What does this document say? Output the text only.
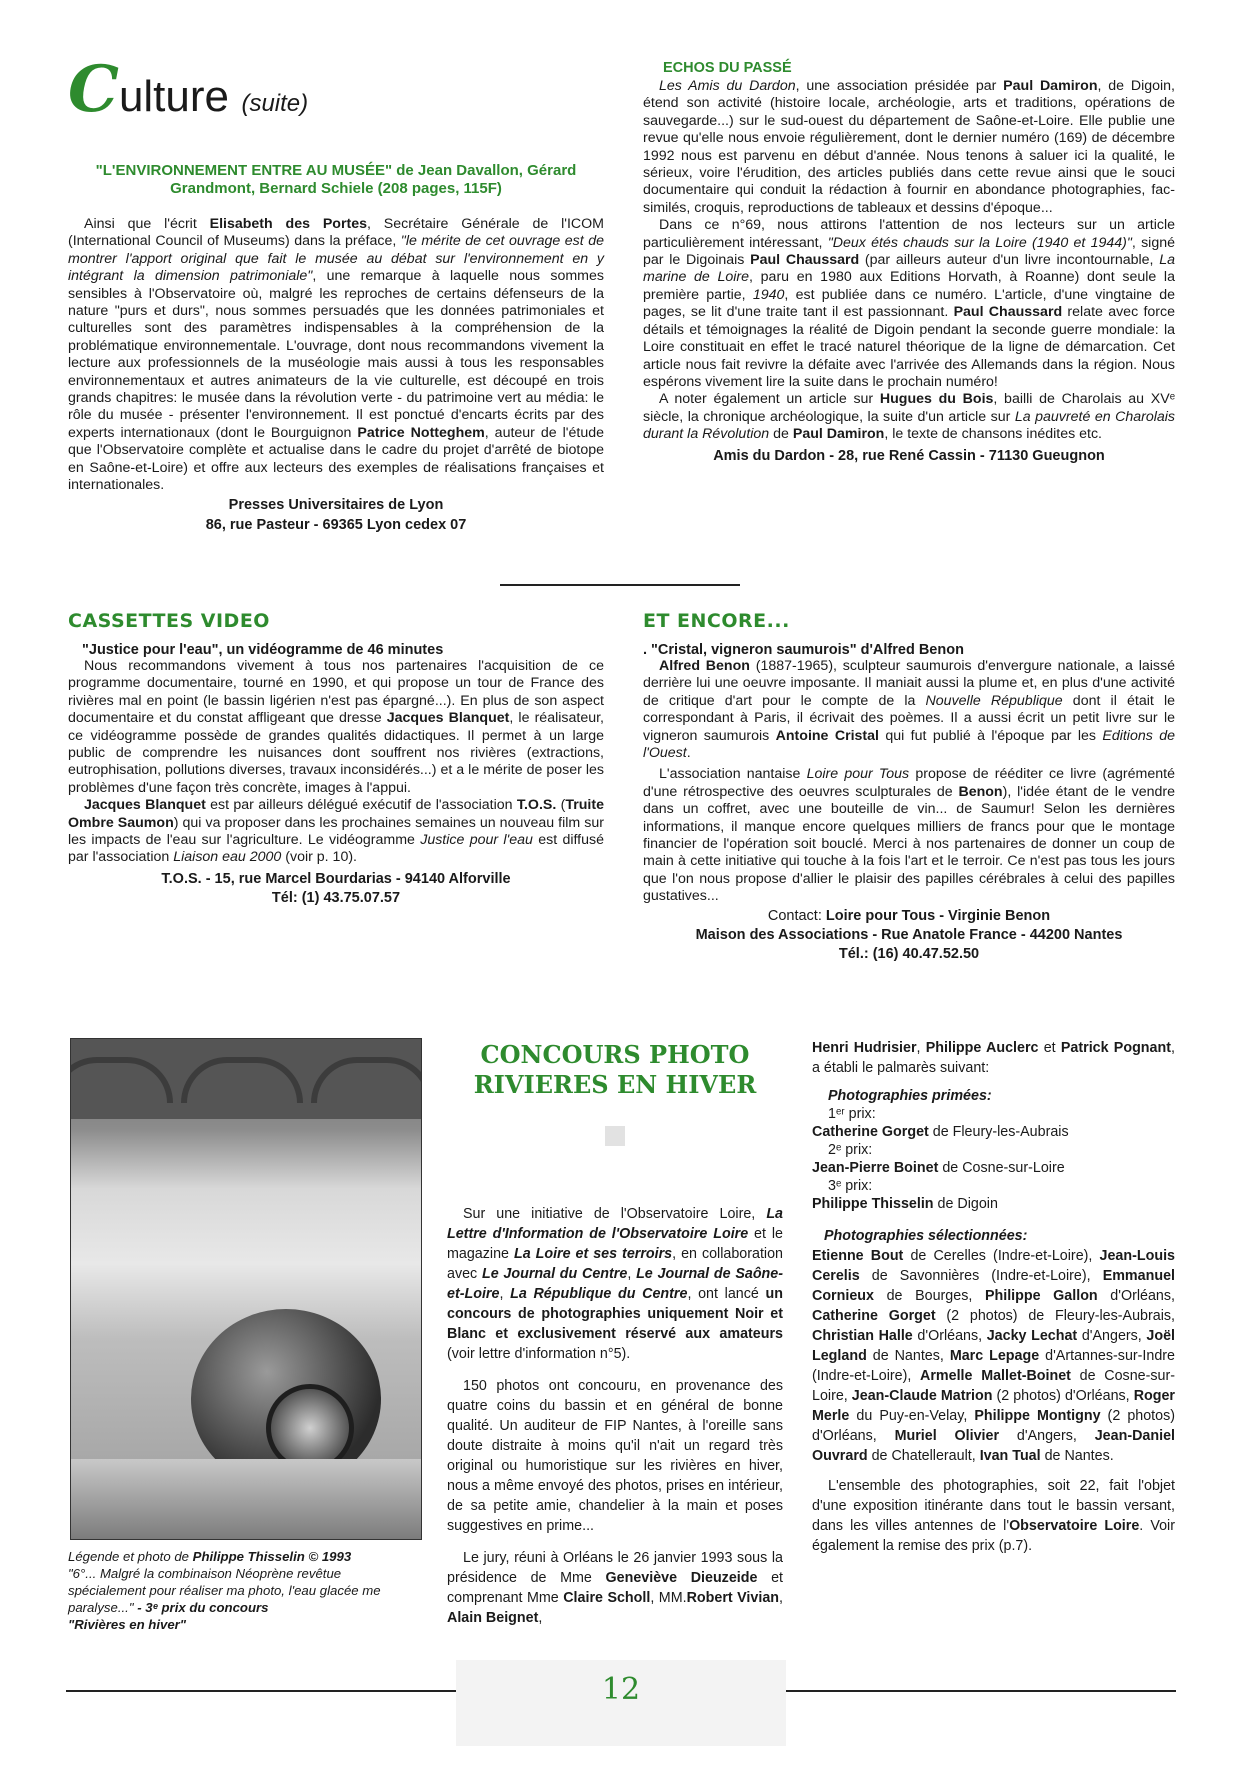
Culture (suite)

"L'ENVIRONNEMENT ENTRE AU MUSÉE" de Jean Davallon, Gérard Grandmont, Bernard Schiele (208 pages, 115F)

Ainsi que l'écrit Elisabeth des Portes, Secrétaire Générale de l'ICOM (International Council of Museums) dans la préface, "le mérite de cet ouvrage est de montrer l'apport original que fait le musée au débat sur l'environnement en y intégrant la dimension patrimoniale", une remarque à laquelle nous sommes sensibles à l'Observatoire où, malgré les reproches de certains défenseurs de la nature "purs et durs", nous sommes persuadés que les données patrimoniales et culturelles sont des paramètres indispensables à la compréhension de la problématique environnementale. L'ouvrage, dont nous recommandons vivement la lecture aux professionnels de la muséologie mais aussi à tous les responsables environnementaux et autres animateurs de la vie culturelle, est découpé en trois grands chapitres: le musée dans la révolution verte - du patrimoine vert au média: le rôle du musée - présenter l'environnement. Il est ponctué d'encarts écrits par des experts internationaux (dont le Bourguignon Patrice Notteghem, auteur de l'étude que l'Observatoire complète et actualise dans le cadre du projet d'arrêté de biotope en Saône-et-Loire) et offre aux lecteurs des exemples de réalisations françaises et internationales.

Presses Universitaires de Lyon

86, rue Pasteur - 69365 Lyon cedex 07

ECHOS DU PASSÉ

Les Amis du Dardon, une association présidée par Paul Damiron, de Digoin, étend son activité (histoire locale, archéologie, arts et traditions, opérations de sauvegarde...) sur le sud-ouest du département de Saône-et-Loire. Elle publie une revue qu'elle nous envoie régulièrement, dont le dernier numéro (169) de décembre 1992 nous est parvenu en début d'année. Nous tenons à saluer ici la qualité, le sérieux, voire l'érudition, des articles publiés dans cette revue ainsi que le souci documentaire qui conduit la rédaction à fournir en abondance photographies, fac-similés, croquis, reproductions de tableaux et dessins d'époque...

Dans ce n°69, nous attirons l'attention de nos lecteurs sur un article particulièrement intéressant, "Deux étés chauds sur la Loire (1940 et 1944)", signé par le Digoinais Paul Chaussard (par ailleurs auteur d'un livre incontournable, La marine de Loire, paru en 1980 aux Editions Horvath, à Roanne) dont seule la première partie, 1940, est publiée dans ce numéro. L'article, d'une vingtaine de pages, se lit d'une traite tant il est passionnant. Paul Chaussard relate avec force détails et témoignages la réalité de Digoin pendant la seconde guerre mondiale: la Loire constituait en effet le tracé naturel théorique de la ligne de démarcation. Cet article nous fait revivre la défaite avec l'arrivée des Allemands dans la région. Nous espérons vivement lire la suite dans le prochain numéro!

A noter également un article sur Hugues du Bois, bailli de Charolais au XVᵉ siècle, la chronique archéologique, la suite d'un article sur La pauvreté en Charolais durant la Révolution de Paul Damiron, le texte de chansons inédites etc.

Amis du Dardon - 28, rue René Cassin - 71130 Gueugnon

CASSETTES VIDEO

"Justice pour l'eau", un vidéogramme de 46 minutes

Nous recommandons vivement à tous nos partenaires l'acquisition de ce programme documentaire, tourné en 1990, et qui propose un tour de France des rivières mal en point (le bassin ligérien n'est pas épargné...). En plus de son aspect documentaire et du constat affligeant que dresse Jacques Blanquet, le réalisateur, ce vidéogramme possède de grandes qualités didactiques. Il permet à un large public de comprendre les nuisances dont souffrent nos rivières (extractions, eutrophisation, pollutions diverses, travaux inconsidérés...) et a le mérite de poser les problèmes d'une façon très concrète, images à l'appui.

Jacques Blanquet est par ailleurs délégué exécutif de l'association T.O.S. (Truite Ombre Saumon) qui va proposer dans les prochaines semaines un nouveau film sur les impacts de l'eau sur l'agriculture. Le vidéogramme Justice pour l'eau est diffusé par l'association Liaison eau 2000 (voir p. 10).

T.O.S. - 15, rue Marcel Bourdarias - 94140 Alforville

Tél: (1) 43.75.07.57

ET ENCORE...

. "Cristal, vigneron saumurois" d'Alfred Benon

Alfred Benon (1887-1965), sculpteur saumurois d'envergure nationale, a laissé derrière lui une oeuvre imposante. Il maniait aussi la plume et, en plus d'une activité de critique d'art pour le compte de la Nouvelle République dont il était le correspondant à Paris, il écrivait des poèmes. Il a aussi écrit un petit livre sur le vigneron saumurois Antoine Cristal qui fut publié à l'époque par les Editions de l'Ouest.

L'association nantaise Loire pour Tous propose de rééditer ce livre (agrémenté d'une rétrospective des oeuvres sculpturales de Benon), l'idée étant de le vendre dans un coffret, avec une bouteille de vin... de Saumur! Selon les dernières informations, il manque encore quelques milliers de francs pour que le montage financier de l'opération soit bouclé. Merci à nos partenaires de donner un coup de main à cette initiative qui touche à la fois l'art et le terroir. Ce n'est pas tous les jours que l'on nous propose d'allier le plaisir des papilles cérébrales à celui des papilles gustatives...

Contact: Loire pour Tous - Virginie Benon

Maison des Associations - Rue Anatole France - 44200 Nantes

Tél.: (16) 40.47.52.50

Légende et photo de Philippe Thisselin © 1993

"6°... Malgré la combinaison Néoprène revêtue spécialement pour réaliser ma photo, l'eau glacée me paralyse..." - 3ᵉ prix du concours

"Rivières en hiver"

CONCOURS PHOTO
RIVIERES EN HIVER

Sur une initiative de l'Observatoire Loire, La Lettre d'Information de l'Observatoire Loire et le magazine La Loire et ses terroirs, en collaboration avec Le Journal du Centre, Le Journal de Saône-et-Loire, La République du Centre, ont lancé un concours de photographies uniquement Noir et Blanc et exclusivement réservé aux amateurs (voir lettre d'information n°5).

150 photos ont concouru, en provenance des quatre coins du bassin et en général de bonne qualité. Un auditeur de FIP Nantes, à l'oreille sans doute distraite à moins qu'il n'ait un regard très original ou humoristique sur les rivières en hiver, nous a même envoyé des photos, prises en intérieur, de sa petite amie, chandelier à la main et poses suggestives en prime...

Le jury, réuni à Orléans le 26 janvier 1993 sous la présidence de Mme Geneviève Dieuzeide et comprenant Mme Claire Scholl, MM.Robert Vivian, Alain Beignet,

Henri Hudrisier, Philippe Auclerc et Patrick Pognant, a établi le palmarès suivant:

Photographies primées:

1ᵉʳ prix:

Catherine Gorget de Fleury-les-Aubrais

2ᵉ prix:

Jean-Pierre Boinet de Cosne-sur-Loire

3ᵉ prix:

Philippe Thisselin de Digoin

Photographies sélectionnées:

Etienne Bout de Cerelles (Indre-et-Loire), Jean-Louis Cerelis de Savonnières (Indre-et-Loire), Emmanuel Cornieux de Bourges, Philippe Gallon d'Orléans, Catherine Gorget (2 photos) de Fleury-les-Aubrais, Christian Halle d'Orléans, Jacky Lechat d'Angers, Joël Legland de Nantes, Marc Lepage d'Artannes-sur-Indre (Indre-et-Loire), Armelle Mallet-Boinet de Cosne-sur-Loire, Jean-Claude Matrion (2 photos) d'Orléans, Roger Merle du Puy-en-Velay, Philippe Montigny (2 photos) d'Orléans, Muriel Olivier d'Angers, Jean-Daniel Ouvrard de Chatellerault, Ivan Tual de Nantes.

L'ensemble des photographies, soit 22, fait l'objet d'une exposition itinérante dans tout le bassin versant, dans les villes antennes de l'Observatoire Loire. Voir également la remise des prix (p.7).

12
